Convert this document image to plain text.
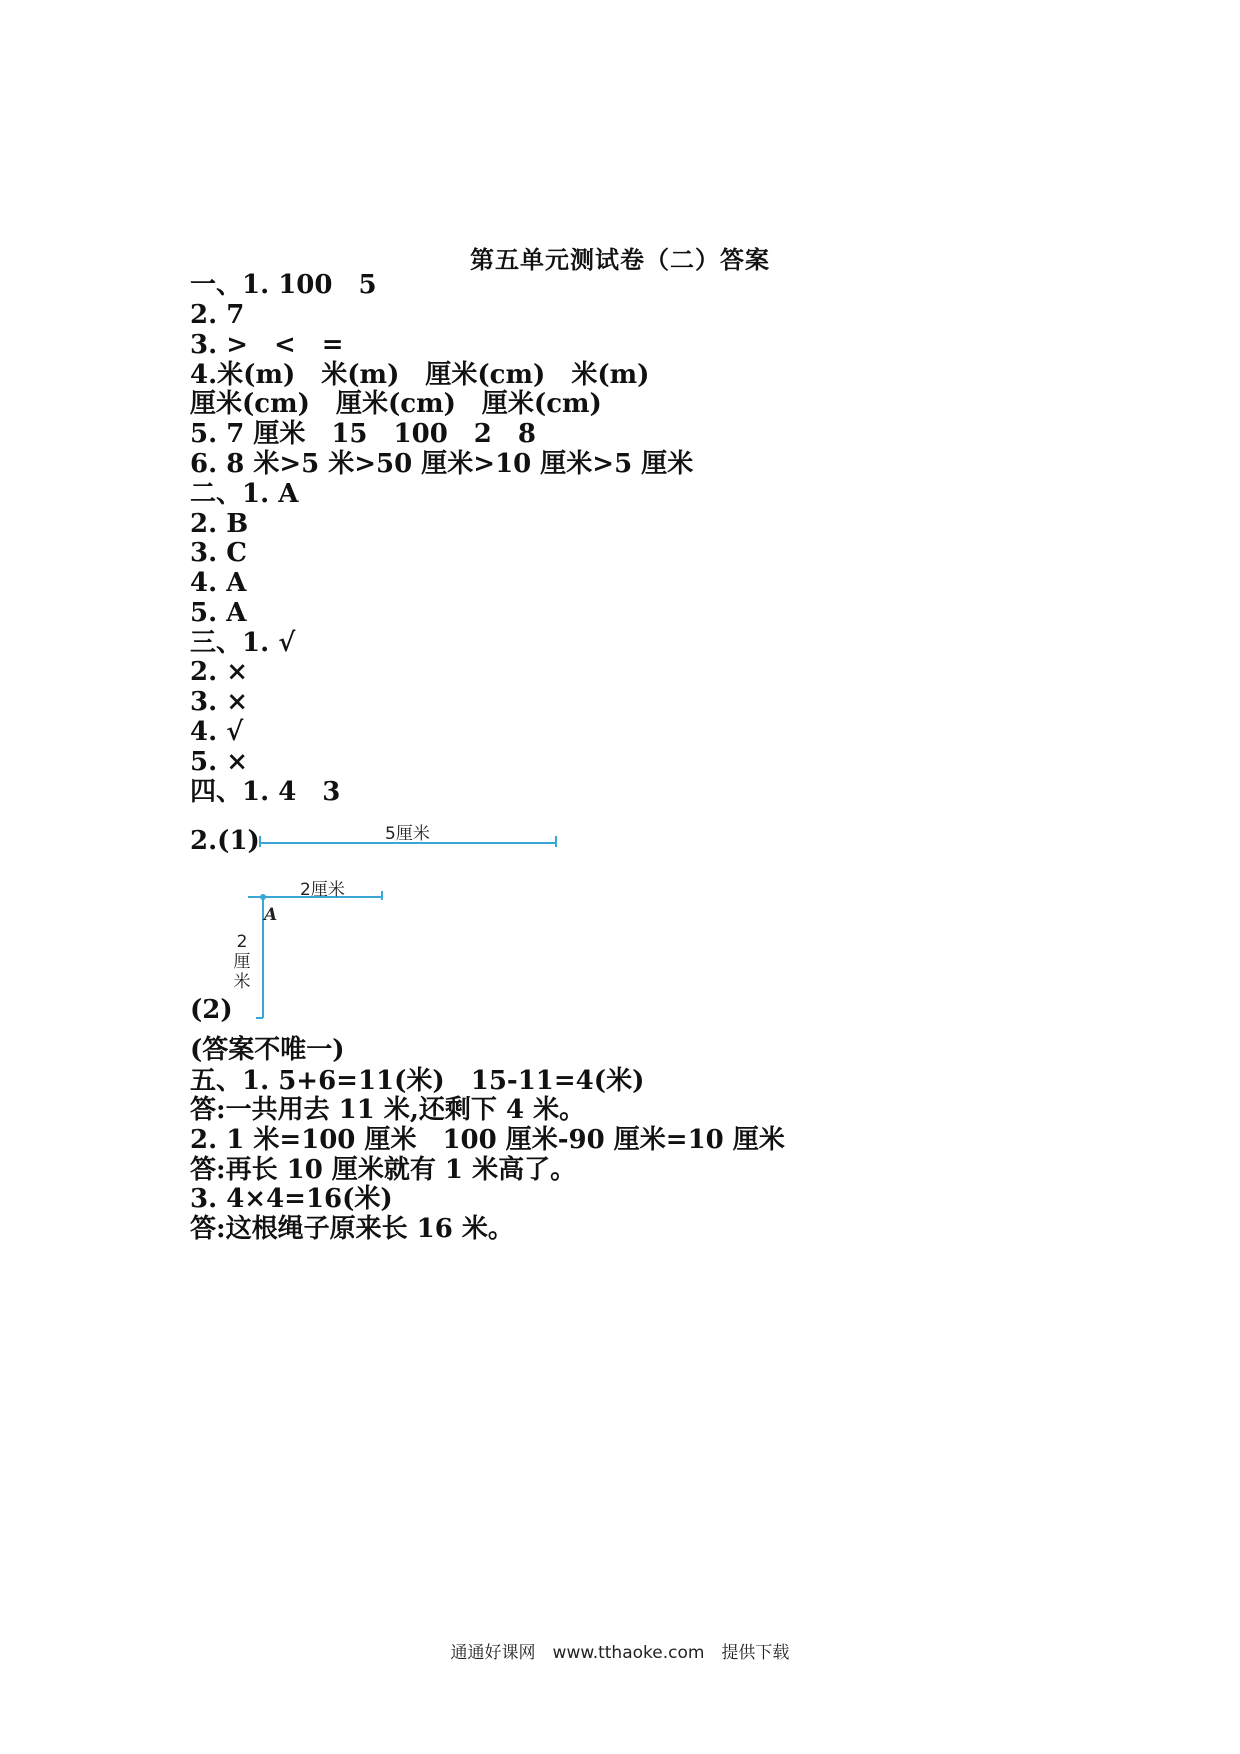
第五单元测试卷（二）答案
一、1. 100　5
2. 7
3. >　<　=
4.米(m)　米(m)　厘米(cm)　米(m)
厘米(cm)　厘米(cm)　厘米(cm)
5. 7 厘米　15　100　2　8
6. 8 米>5 米>50 厘米>10 厘米>5 厘米
二、1. A
2. B
3. C
4. A
5. A
三、1. √
2. ×
3. ×
4. √
5. ×
四、1. 4　3
2.(1)	5厘米
2厘米
A
2
厘
米
(2)
(答案不唯一)
五、1. 5+6=11(米)　15-11=4(米)
答:一共用去 11 米,还剩下 4 米。
2. 1 米=100 厘米　100 厘米-90 厘米=10 厘米
答:再长 10 厘米就有 1 米高了。
3. 4×4=16(米)
答:这根绳子原来长 16 米。
通通好课网　www.tthaoke.com　提供下载
